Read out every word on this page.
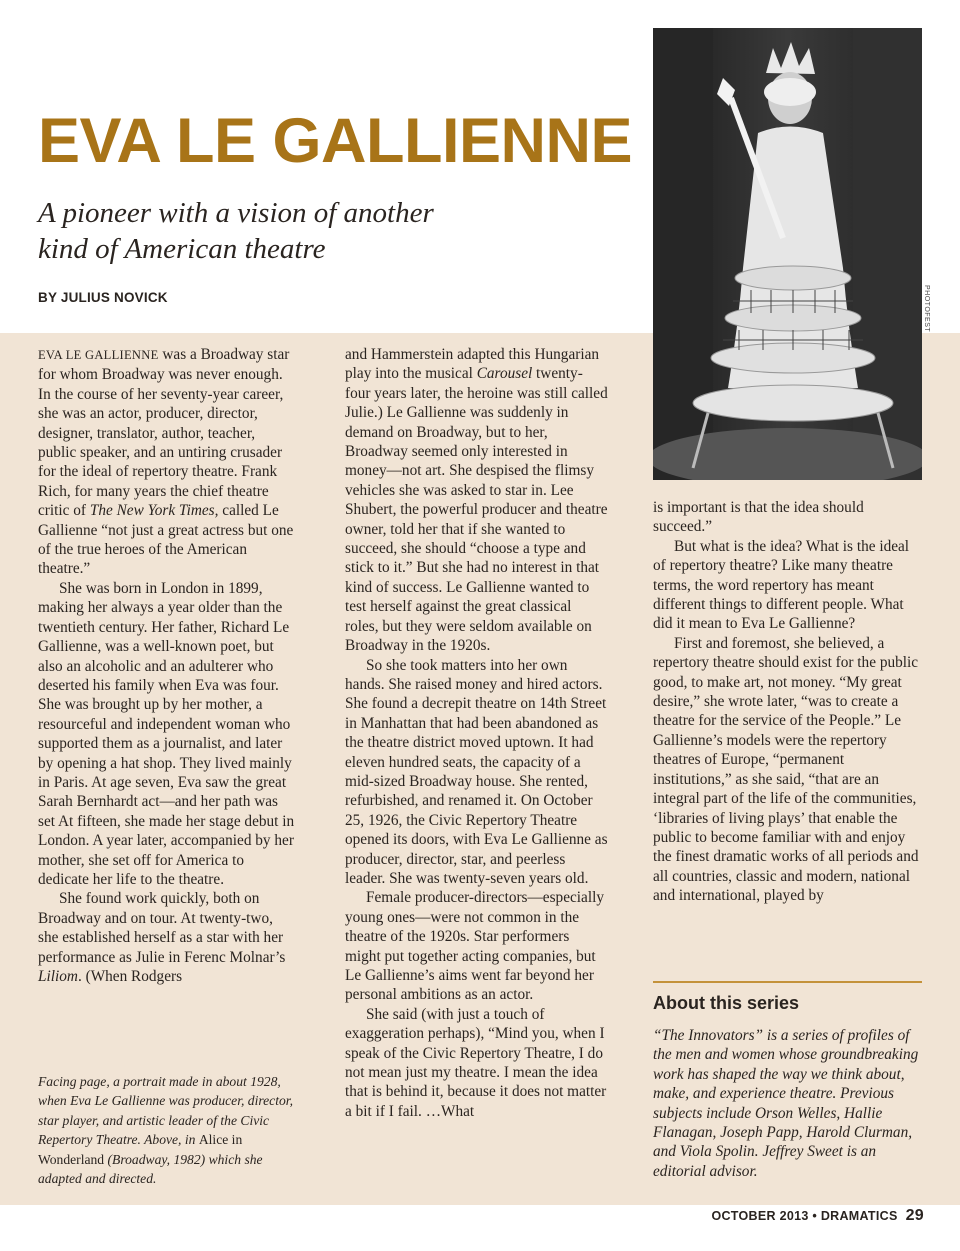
EVA LE GALLIENNE
A pioneer with a vision of another
kind of American theatre
BY JULIUS NOVICK	PHOTOFEST

EVA LE GALLIENNE was a Broadway star for whom Broadway was never enough. In the course of her seventy-year career, she was an actor, producer, director, designer, translator, author, teacher, public speaker, and an untiring crusader for the ideal of repertory theatre. Frank Rich, for many years the chief theatre critic of The New York Times, called Le Gallienne “not just a great actress but one of the true heroes of the American theatre.”

She was born in London in 1899, making her always a year older than the twentieth century. Her father, Richard Le Gallienne, was a well-known poet, but also an alcoholic and an adulterer who deserted his family when Eva was four. She was brought up by her mother, a resourceful and independent woman who supported them as a journalist, and later by opening a hat shop. They lived mainly in Paris. At age seven, Eva saw the great Sarah Bernhardt act—and her path was set At fifteen, she made her stage debut in London. A year later, accompanied by her mother, she set off for America to dedicate her life to the theatre.

She found work quickly, both on Broadway and on tour. At twenty-two, she established herself as a star with her performance as Julie in Ferenc Molnar’s Liliom. (When Rodgers

Facing page, a portrait made in about 1928, when Eva Le Gallienne was producer, director, star player, and artistic leader of the Civic Repertory Theatre. Above, in Alice in Wonderland (Broadway, 1982) which she adapted and directed.

and Hammerstein adapted this Hungarian play into the musical Carousel twenty-four years later, the heroine was still called Julie.) Le Gallienne was suddenly in demand on Broadway, but to her, Broadway seemed only interested in money—not art. She despised the flimsy vehicles she was asked to star in. Lee Shubert, the powerful producer and theatre owner, told her that if she wanted to succeed, she should “choose a type and stick to it.” But she had no interest in that kind of success. Le Gallienne wanted to test herself against the great classical roles, but they were seldom available on Broadway in the 1920s.

So she took matters into her own hands. She raised money and hired actors. She found a decrepit theatre on 14th Street in Manhattan that had been abandoned as the theatre district moved uptown. It had eleven hundred seats, the capacity of a mid-sized Broadway house. She rented, refurbished, and renamed it. On October 25, 1926, the Civic Repertory Theatre opened its doors, with Eva Le Gallienne as producer, director, star, and peerless leader. She was twenty-seven years old.

Female producer-directors—especially young ones—were not common in the theatre of the 1920s. Star performers might put together acting companies, but Le Gallienne’s aims went far beyond her personal ambitions as an actor.

She said (with just a touch of exaggeration perhaps), “Mind you, when I speak of the Civic Repertory Theatre, I do not mean just my theatre. I mean the idea that is behind it, because it does not matter a bit if I fail. …What

is important is that the idea should succeed.”

But what is the idea? What is the ideal of repertory theatre? Like many theatre terms, the word repertory has meant different things to different people. What did it mean to Eva Le Gallienne?

First and foremost, she believed, a repertory theatre should exist for the public good, to make art, not money. “My great desire,” she wrote later, “was to create a theatre for the service of the People.” Le Gallienne’s models were the repertory theatres of Europe, “permanent institutions,” as she said, “that are an integral part of the life of the communities, ‘libraries of living plays’ that enable the public to become familiar with and enjoy the finest dramatic works of all periods and all countries, classic and modern, national and international, played by

About this series

“The Innovators” is a series of profiles of the men and women whose groundbreaking work has shaped the way we think about, make, and experience theatre. Previous subjects include Orson Welles, Hallie Flanagan, Joseph Papp, Harold Clurman, and Viola Spolin. Jeffrey Sweet is an editorial advisor.

OCTOBER 2013 • DRAMATICS 29
